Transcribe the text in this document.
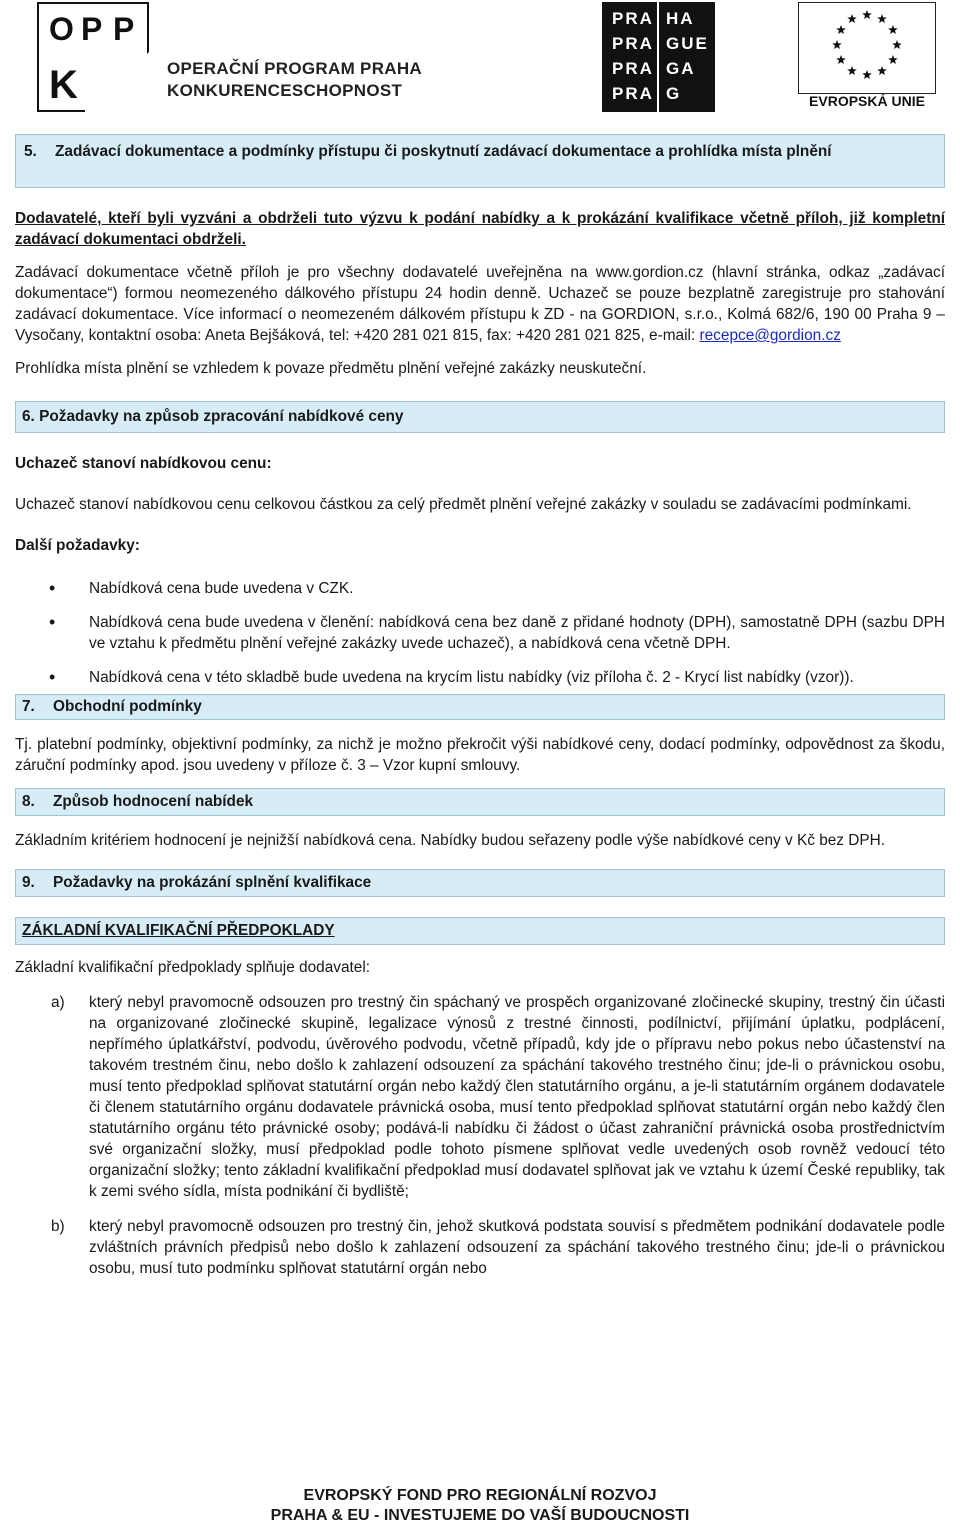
O P P
K	OPERAČNÍ PROGRAM PRAHA
KONKURENCESCHOPNOST
PRA HA
PRA GUE
PRA GA
PRA G	EVROPSKÁ UNIE
5. Zadávací dokumentace a podmínky přístupu či poskytnutí zadávací dokumentace a prohlídka místa plnění

Dodavatelé, kteří byli vyzváni a obdrželi tuto výzvu k podání nabídky a k prokázání kvalifikace včetně příloh, již kompletní zadávací dokumentaci obdrželi.

Zadávací dokumentace včetně příloh je pro všechny dodavatelé uveřejněna na www.gordion.cz (hlavní stránka, odkaz „zadávací dokumentace“) formou neomezeného dálkového přístupu 24 hodin denně. Uchazeč se pouze bezplatně zaregistruje pro stahování zadávací dokumentace. Více informací o neomezeném dálkovém přístupu k ZD - na GORDION, s.r.o., Kolmá 682/6, 190 00 Praha 9 – Vysočany, kontaktní osoba: Aneta Bejšáková, tel: +420 281 021 815, fax: +420 281 021 825, e-mail: recepce@gordion.cz

Prohlídka místa plnění se vzhledem k povaze předmětu plnění veřejné zakázky neuskuteční.

6. Požadavky na způsob zpracování nabídkové ceny

Uchazeč stanoví nabídkovou cenu:

Uchazeč stanoví nabídkovou cenu celkovou částkou za celý předmět plnění veřejné zakázky v souladu se zadávacími podmínkami.

Další požadavky:

• Nabídková cena bude uvedena v CZK.
• Nabídková cena bude uvedena v členění: nabídková cena bez daně z přidané hodnoty (DPH), samostatně DPH (sazbu DPH ve vztahu k předmětu plnění veřejné zakázky uvede uchazeč), a nabídková cena včetně DPH.
• Nabídková cena v této skladbě bude uvedena na krycím listu nabídky (viz příloha č. 2 - Krycí list nabídky (vzor)).
7. Obchodní podmínky

Tj. platební podmínky, objektivní podmínky, za nichž je možno překročit výši nabídkové ceny, dodací podmínky, odpovědnost za škodu, záruční podmínky apod. jsou uvedeny v příloze č. 3 – Vzor kupní smlouvy.

8. Způsob hodnocení nabídek

Základním kritériem hodnocení je nejnižší nabídková cena. Nabídky budou seřazeny podle výše nabídkové ceny v Kč bez DPH.

9. Požadavky na prokázání splnění kvalifikace
ZÁKLADNÍ KVALIFIKAČNÍ PŘEDPOKLADY

Základní kvalifikační předpoklady splňuje dodavatel:

a) který nebyl pravomocně odsouzen pro trestný čin spáchaný ve prospěch organizované zločinecké skupiny, trestný čin účasti na organizované zločinecké skupině, legalizace výnosů z trestné činnosti, podílnictví, přijímání úplatku, podplácení, nepřímého úplatkářství, podvodu, úvěrového podvodu, včetně případů, kdy jde o přípravu nebo pokus nebo účastenství na takovém trestném činu, nebo došlo k zahlazení odsouzení za spáchání takového trestného činu; jde-li o právnickou osobu, musí tento předpoklad splňovat statutární orgán nebo každý člen statutárního orgánu, a je-li statutárním orgánem dodavatele či členem statutárního orgánu dodavatele právnická osoba, musí tento předpoklad splňovat statutární orgán nebo každý člen statutárního orgánu této právnické osoby; podává-li nabídku či žádost o účast zahraniční právnická osoba prostřednictvím své organizační složky, musí předpoklad podle tohoto písmene splňovat vedle uvedených osob rovněž vedoucí této organizační složky; tento základní kvalifikační předpoklad musí dodavatel splňovat jak ve vztahu k území České republiky, tak k zemi svého sídla, místa podnikání či bydliště;
b) který nebyl pravomocně odsouzen pro trestný čin, jehož skutková podstata souvisí s předmětem podnikání dodavatele podle zvláštních právních předpisů nebo došlo k zahlazení odsouzení za spáchání takového trestného činu; jde-li o právnickou osobu, musí tuto podmínku splňovat statutární orgán nebo
EVROPSKÝ FOND PRO REGIONÁLNÍ ROZVOJ
PRAHA & EU - INVESTUJEME DO VAŠÍ BUDOUCNOSTI
